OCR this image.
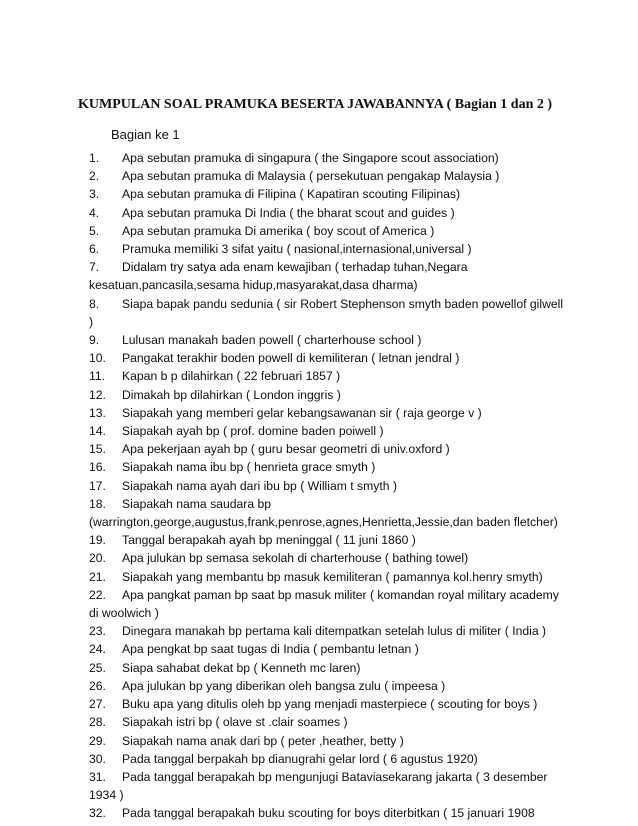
KUMPULAN SOAL PRAMUKA BESERTA JAWABANNYA ( Bagian 1 dan 2 )
Bagian ke 1
1. Apa sebutan pramuka di singapura ( the Singapore scout association)
2. Apa sebutan pramuka di Malaysia ( persekutuan pengakap Malaysia )
3. Apa sebutan pramuka di Filipina ( Kapatiran scouting Filipinas)
4. Apa sebutan pramuka Di India ( the bharat scout and guides )
5. Apa sebutan pramuka Di amerika ( boy scout of America )
6. Pramuka memiliki 3 sifat yaitu ( nasional,internasional,universal )
7. Didalam try satya ada enam kewajiban ( terhadap tuhan,Negara kesatuan,pancasila,sesama hidup,masyarakat,dasa dharma)
8. Siapa bapak pandu sedunia ( sir Robert Stephenson smyth baden powellof gilwell )
9. Lulusan manakah baden powell ( charterhouse school )
10. Pangakat terakhir boden powell di kemiliteran ( letnan jendral )
11. Kapan b p dilahirkan ( 22 februari 1857 )
12. Dimakah bp dilahirkan ( London inggris )
13. Siapakah yang memberi gelar kebangsawanan sir ( raja george v )
14. Siapakah ayah bp ( prof. domine baden poiwell )
15. Apa pekerjaan ayah bp ( guru besar geometri di univ.oxford )
16. Siapakah nama ibu bp ( henrieta grace smyth )
17. Siapakah nama ayah dari ibu bp ( William t smyth )
18. Siapakah nama saudara bp (warrington,george,augustus,frank,penrose,agnes,Henrietta,Jessie,dan baden fletcher)
19. Tanggal berapakah ayah bp meninggal ( 11 juni 1860 )
20. Apa julukan bp semasa sekolah di charterhouse ( bathing towel)
21. Siapakah yang membantu bp masuk kemiliteran ( pamannya kol.henry smyth)
22. Apa pangkat paman bp saat bp masuk militer ( komandan royal military academy di woolwich )
23. Dinegara manakah bp pertama kali ditempatkan setelah lulus di militer ( India )
24. Apa pengkat bp saat tugas di India ( pembantu letnan )
25. Siapa sahabat dekat bp ( Kenneth mc laren)
26. Apa julukan bp yang diberikan oleh bangsa zulu ( impeesa )
27. Buku apa yang ditulis oleh bp yang menjadi masterpiece ( scouting for boys )
28. Siapakah istri bp ( olave st .clair soames )
29. Siapakah nama anak dari bp ( peter ,heather, betty )
30. Pada tanggal berpakah bp dianugrahi gelar lord ( 6 agustus 1920)
31. Pada tanggal berapakah bp mengunjugi Bataviasekarang jakarta ( 3 desember 1934 )
32. Pada tanggal berapakah buku scouting for boys diterbitkan ( 15 januari 1908
